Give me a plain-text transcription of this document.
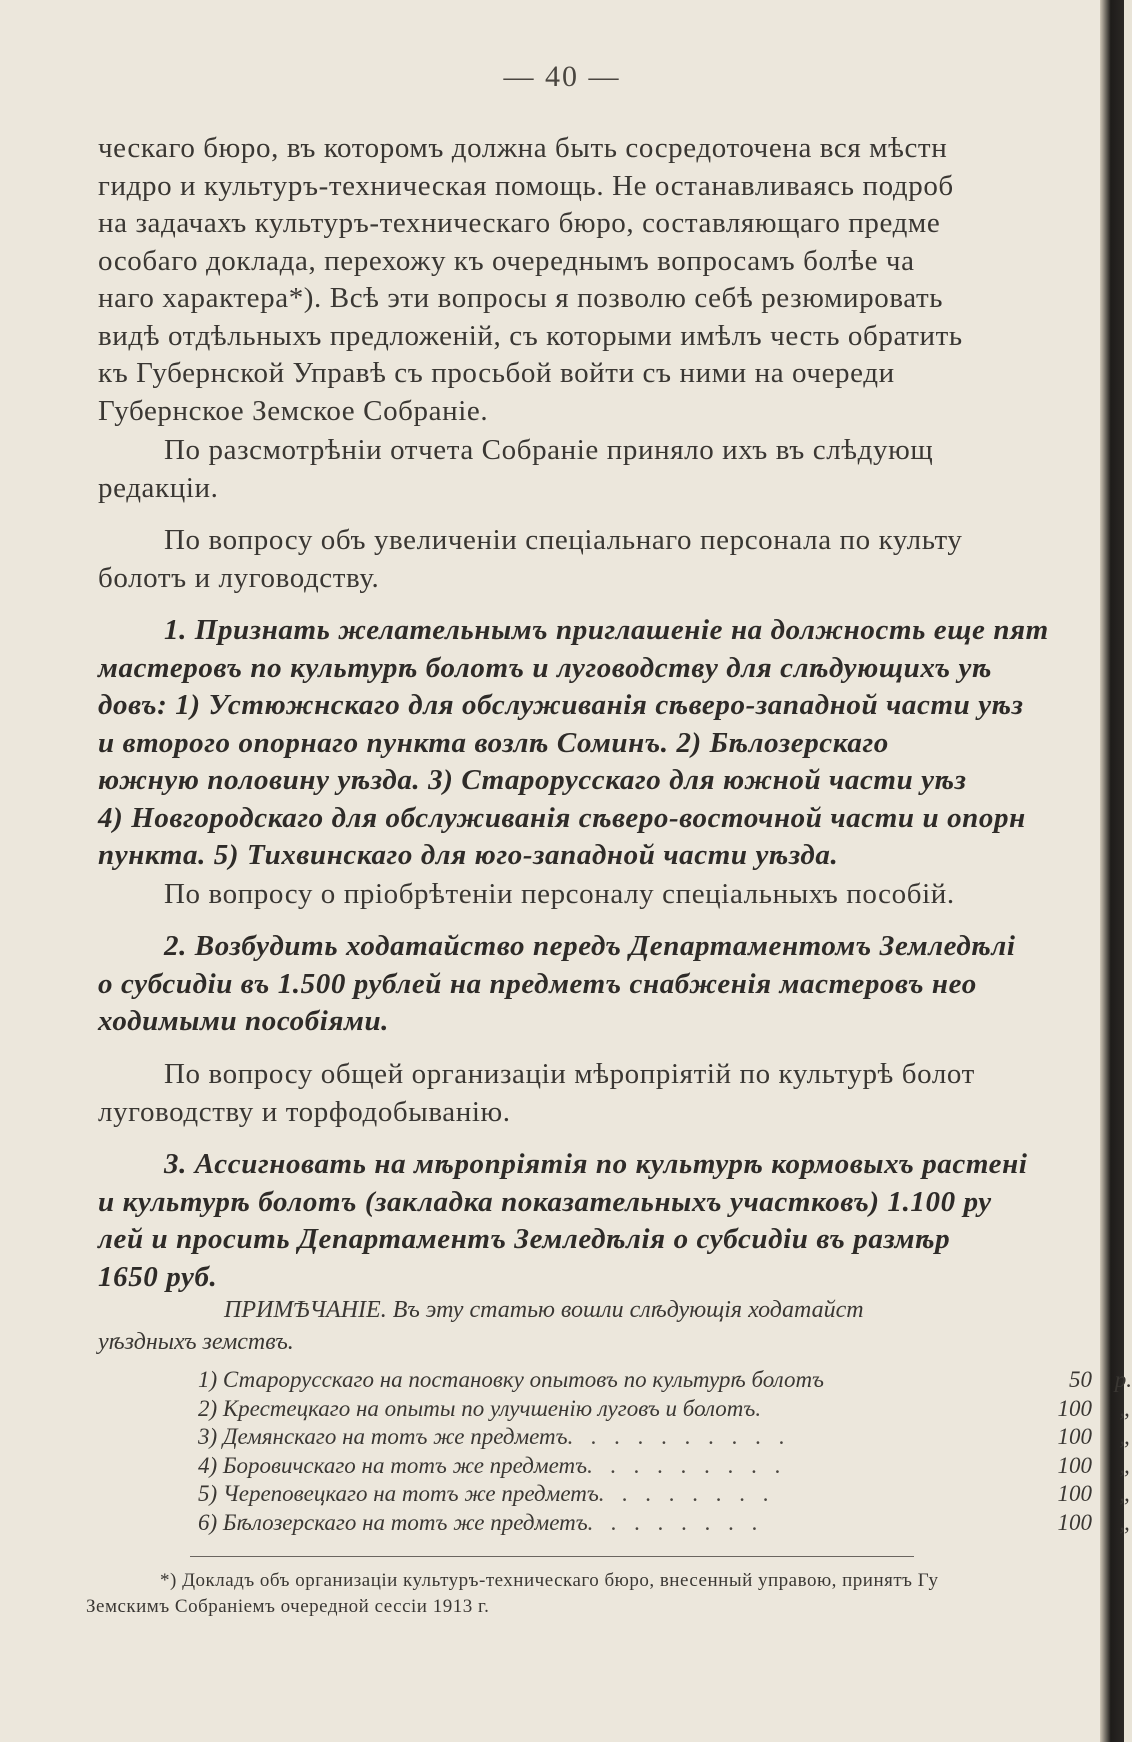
— 40 —
ческаго бюро, въ которомъ должна быть сосредоточена вся мѣстн
гидро и культуръ-техническая помощь. Не останавливаясь подроб
на задачахъ культуръ-техническаго бюро, составляющаго предме
особаго доклада, перехожу къ очереднымъ вопросамъ болѣе ча
наго характера*). Всѣ эти вопросы я позволю себѣ резюмировать
видѣ отдѣльныхъ предложеній, съ которыми имѣлъ честь обратить
къ Губернской Управѣ съ просьбой войти съ ними на очереди
Губернское Земское Собраніе.
По разсмотрѣніи отчета Собраніе приняло ихъ въ слѣдующ
редакціи.
По вопросу объ увеличеніи спеціальнаго персонала по культу
болотъ и луговодству.
1. Признать желательнымъ приглашеніе на должность еще пят
мастеровъ по культурѣ болотъ и луговодству для слѣдующихъ уѣ
довъ: 1) Устюжнскаго для обслуживанія сѣверо-западной части уѣз
и второго опорнаго пункта возлѣ Соминъ. 2) Бѣлозерскаго
южную половину уѣзда. 3) Старорусскаго для южной части уѣз
4) Новгородскаго для обслуживанія сѣверо-восточной части и опорн
пункта. 5) Тихвинскаго для юго-западной части уѣзда.
По вопросу о пріобрѣтеніи персоналу спеціальныхъ пособій.
2. Возбудить ходатайство передъ Департаментомъ Земледѣлі
о субсидіи въ 1.500 рублей на предметъ снабженія мастеровъ нео
ходимыми пособіями.
По вопросу общей организаціи мѣропріятій по культурѣ болот
луговодству и торфодобыванію.
3. Ассигновать на мѣропріятія по культурѣ кормовыхъ растені
и культурѣ болотъ (закладка показательныхъ участковъ) 1.100 ру
лей и просить Департаментъ Земледѣлія о субсидіи въ размѣр
1650 руб.
ПРИМѢЧАНІЕ. Въ эту статью вошли слѣдующія ходатайст
уѣздныхъ земствъ.
1) Старорусскаго на постановку опытовъ по культурѣ болотъ	50 р.
2) Крестецкаго на опыты по улучшенію луговъ и болотъ .	100	„
3) Демянскаго на тотъ же предметъ . . . . . . . . . .	100	„
4) Боровичскаго на тотъ же предметъ . . . . . . . . .	100	„
5) Череповецкаго на тотъ же предметъ . . . . . . . .	100	„
6) Бѣлозерскаго на тотъ же предметъ . . . . . . . .	100	„
*) Докладъ объ организаціи культуръ-техническаго бюро, внесенный управою, принятъ Гу
Земскимъ Собраніемъ очередной сессіи 1913 г.
